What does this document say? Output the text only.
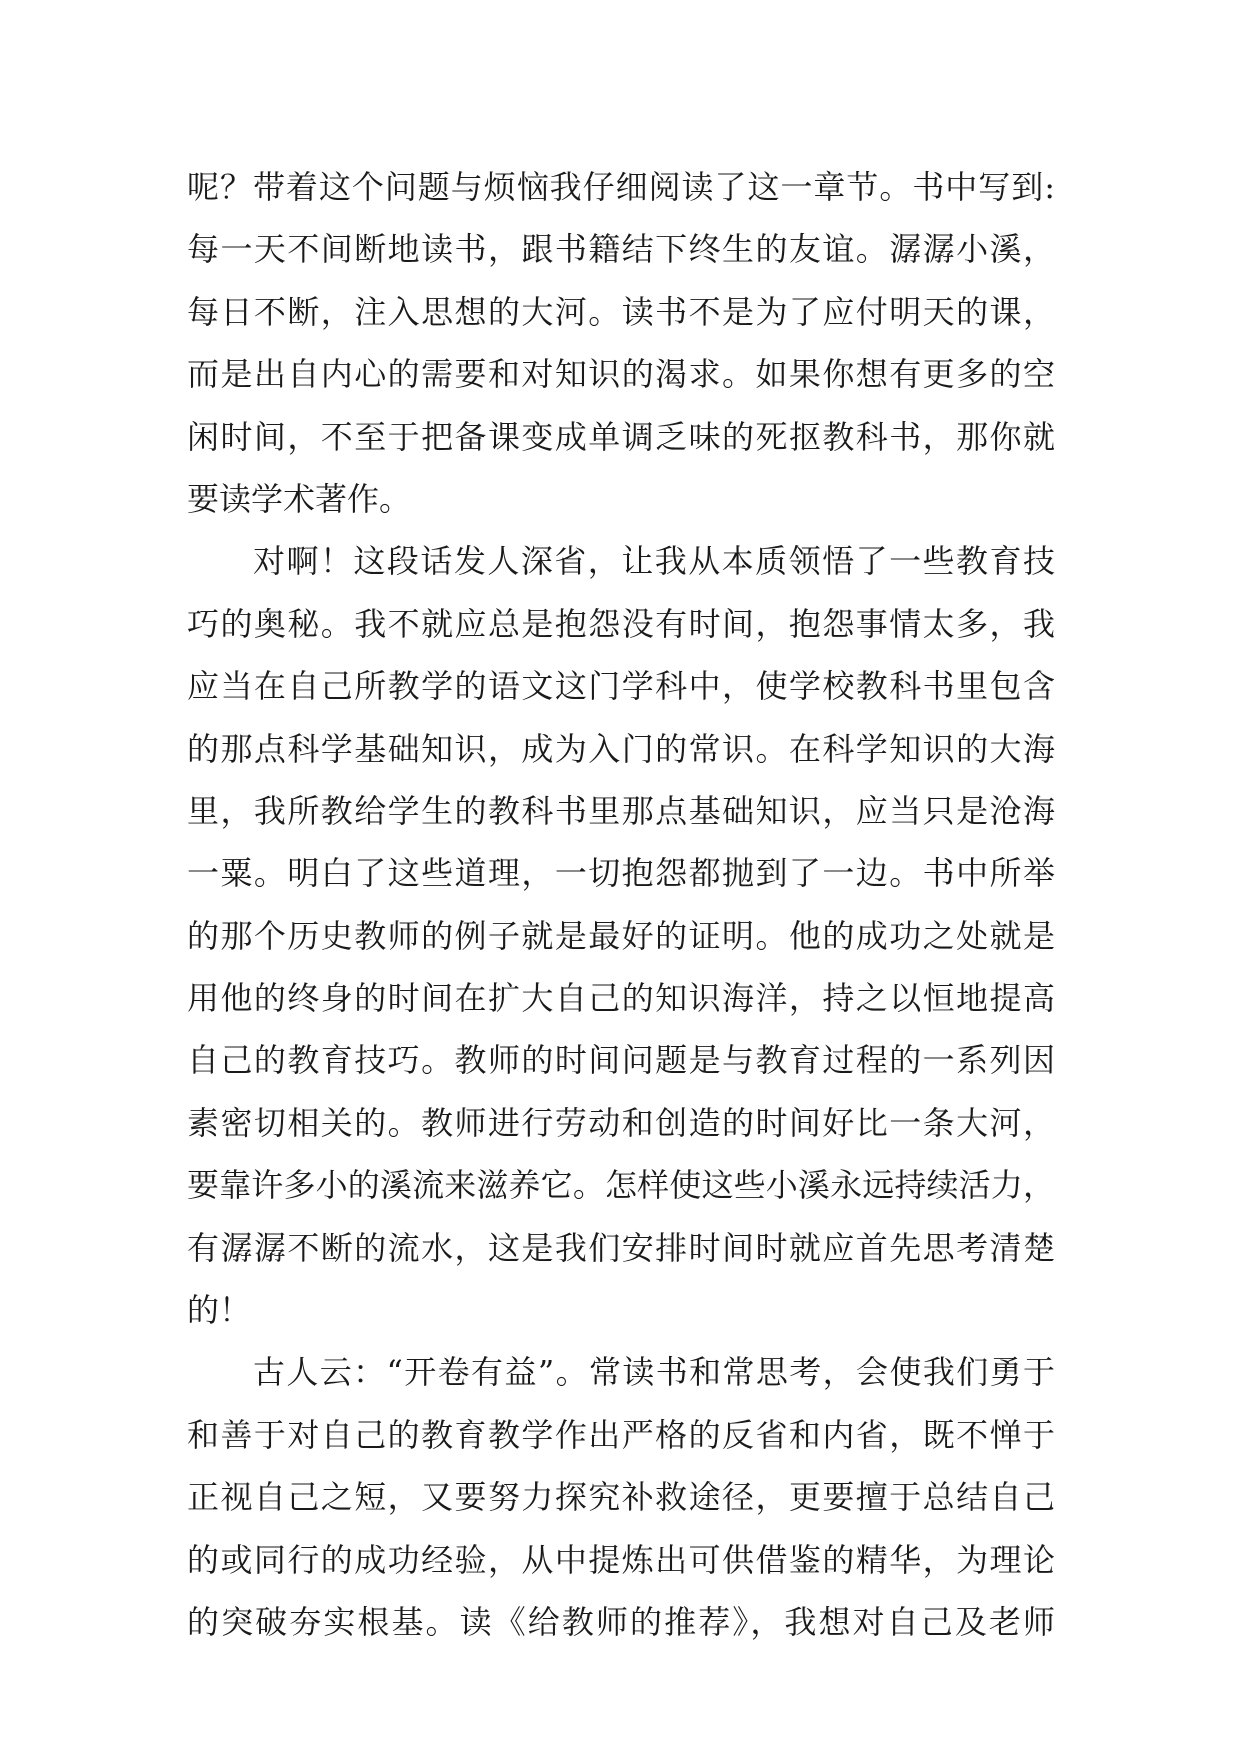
呢？带着这个问题与烦恼我仔细阅读了这一章节。书中写到:
每一天不间断地读书，跟书籍结下终生的友谊。潺潺小溪，
每日不断，注入思想的大河。读书不是为了应付明天的课，
而是出自内心的需要和对知识的渴求。如果你想有更多的空
闲时间，不至于把备课变成单调乏味的死抠教科书，那你就
要读学术著作。
对啊！这段话发人深省，让我从本质领悟了一些教育技
巧的奥秘。我不就应总是抱怨没有时间，抱怨事情太多，我
应当在自己所教学的语文这门学科中，使学校教科书里包含
的那点科学基础知识，成为入门的常识。在科学知识的大海
里，我所教给学生的教科书里那点基础知识，应当只是沧海
一粟。明白了这些道理，一切抱怨都抛到了一边。书中所举
的那个历史教师的例子就是最好的证明。他的成功之处就是
用他的终身的时间在扩大自己的知识海洋，持之以恒地提高
自己的教育技巧。教师的时间问题是与教育过程的一系列因
素密切相关的。教师进行劳动和创造的时间好比一条大河，
要靠许多小的溪流来滋养它。怎样使这些小溪永远持续活力，
有潺潺不断的流水，这是我们安排时间时就应首先思考清楚
的！
古人云：“开卷有益”。常读书和常思考，会使我们勇于
和善于对自己的教育教学作出严格的反省和内省，既不惮于
正视自己之短，又要努力探究补救途径，更要擅于总结自己
的或同行的成功经验，从中提炼出可供借鉴的精华，为理论
的突破夯实根基。读《给教师的推荐》，我想对自己及老师
